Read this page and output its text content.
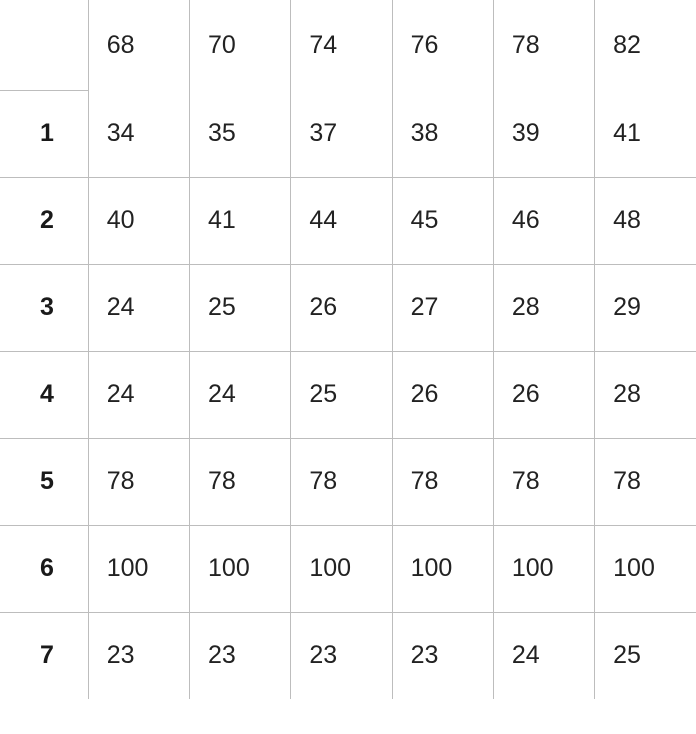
	68	70	74	76	78	82
1	34	35	37	38	39	41
2	40	41	44	45	46	48
3	24	25	26	27	28	29
4	24	24	25	26	26	28
5	78	78	78	78	78	78
6	100	100	100	100	100	100
7	23	23	23	23	24	25
